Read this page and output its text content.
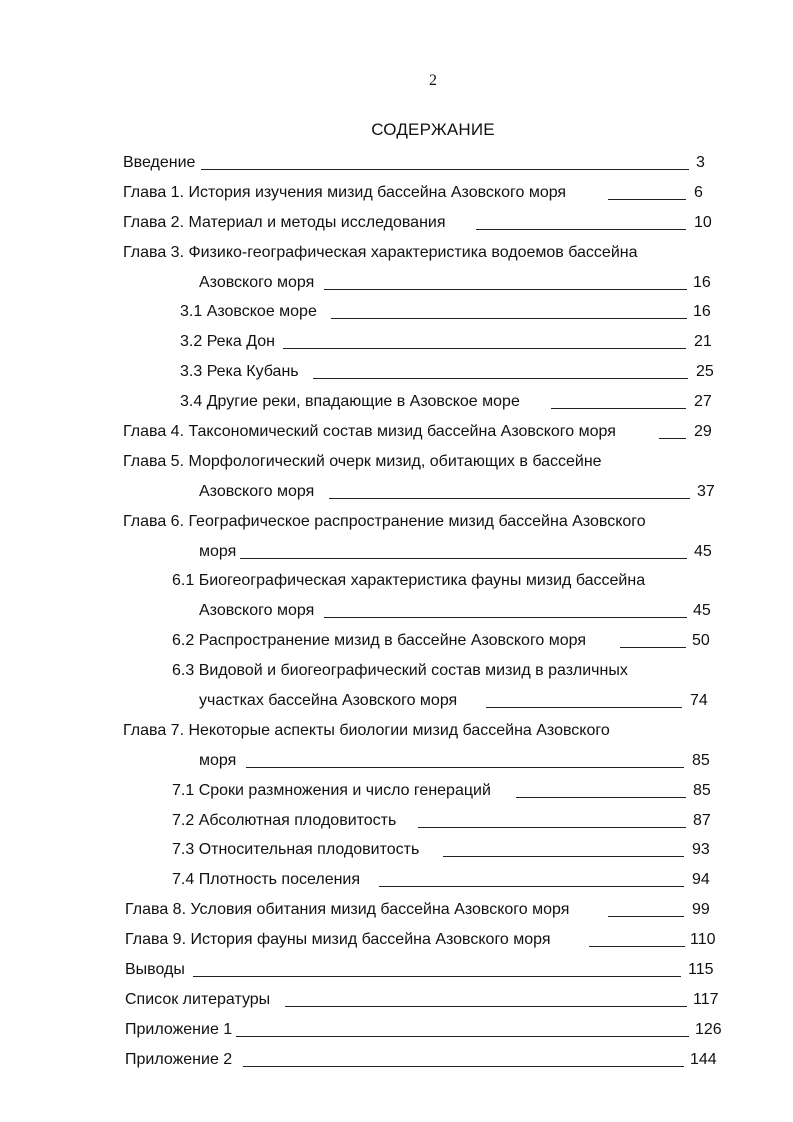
2
СОДЕРЖАНИЕ
Введение	3
Глава 1. История изучения мизид бассейна Азовского моря	6
Глава 2. Материал и методы исследования	10
Глава 3. Физико-географическая характеристика водоемов бассейна
Азовского моря	16
3.1 Азовское море	16
3.2 Река Дон	21
3.3 Река Кубань	25
3.4 Другие реки, впадающие в Азовское море	27
Глава 4. Таксономический состав мизид бассейна Азовского моря	29
Глава 5. Морфологический очерк мизид, обитающих в бассейне
Азовского моря	37
Глава 6. Географическое распространение мизид бассейна Азовского
моря	45
6.1 Биогеографическая характеристика фауны мизид бассейна
Азовского моря	45
6.2 Распространение мизид в бассейне Азовского моря	50
6.3 Видовой и биогеографический состав мизид в различных
участках бассейна Азовского моря	74
Глава 7. Некоторые аспекты биологии мизид бассейна Азовского
моря	85
7.1 Сроки размножения и число генераций	85
7.2 Абсолютная плодовитость	87
7.3 Относительная плодовитость	93
7.4 Плотность поселения	94
Глава 8. Условия обитания мизид бассейна Азовского моря	99
Глава 9. История фауны мизид бассейна Азовского моря	110
Выводы	115
Список литературы	117
Приложение 1	126
Приложение 2	144
